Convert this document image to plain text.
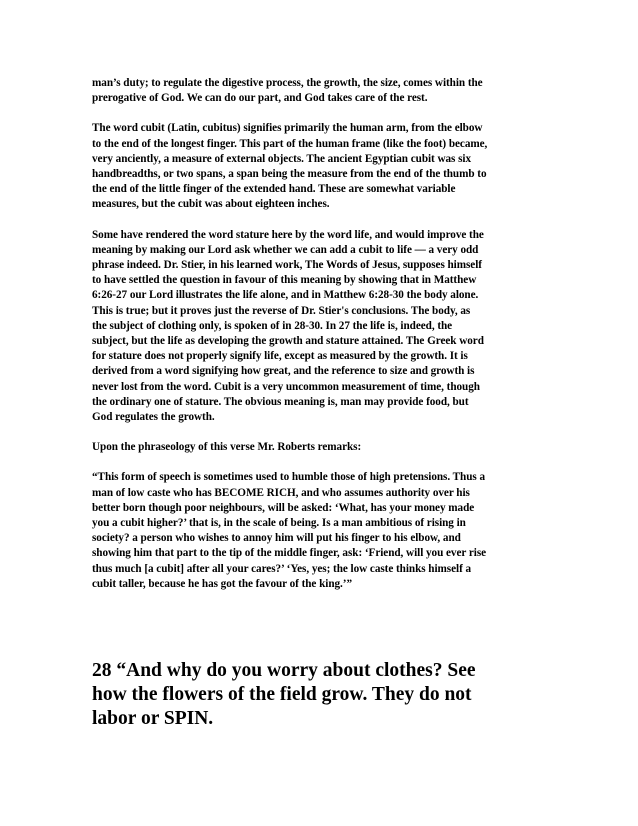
man’s duty; to regulate the digestive process, the growth, the size, comes within the
prerogative of God. We can do our part, and God takes care of the rest.

The word cubit (Latin, cubitus) signifies primarily the human arm, from the elbow
to the end of the longest finger. This part of the human frame (like the foot) became,
very anciently, a measure of external objects. The ancient Egyptian cubit was six
handbreadths, or two spans, a span being the measure from the end of the thumb to
the end of the little finger of the extended hand. These are somewhat variable
measures, but the cubit was about eighteen inches.

Some have rendered the word stature here by the word life, and would improve the
meaning by making our Lord ask whether we can add a cubit to life — a very odd
phrase indeed. Dr. Stier, in his learned work, The Words of Jesus, supposes himself
to have settled the question in favour of this meaning by showing that in Matthew
6:26-27 our Lord illustrates the life alone, and in Matthew 6:28-30 the body alone.
This is true; but it proves just the reverse of Dr. Stier's conclusions. The body, as
the subject of clothing only, is spoken of in 28-30. In 27 the life is, indeed, the
subject, but the life as developing the growth and stature attained. The Greek word
for stature does not properly signify life, except as measured by the growth. It is
derived from a word signifying how great, and the reference to size and growth is
never lost from the word. Cubit is a very uncommon measurement of time, though
the ordinary one of stature. The obvious meaning is, man may provide food, but
God regulates the growth.

Upon the phraseology of this verse Mr. Roberts remarks:

“This form of speech is sometimes used to humble those of high pretensions. Thus a
man of low caste who has BECOME RICH, and who assumes authority over his
better born though poor neighbours, will be asked: ‘What, has your money made
you a cubit higher?’ that is, in the scale of being. Is a man ambitious of rising in
society? a person who wishes to annoy him will put his finger to his elbow, and
showing him that part to the tip of the middle finger, ask: ‘Friend, will you ever rise
thus much [a cubit] after all your cares?’ ‘Yes, yes; the low caste thinks himself a
cubit taller, because he has got the favour of the king.’”

28 “And why do you worry about clothes? See
how the flowers of the field grow. They do not
labor or SPIN.
